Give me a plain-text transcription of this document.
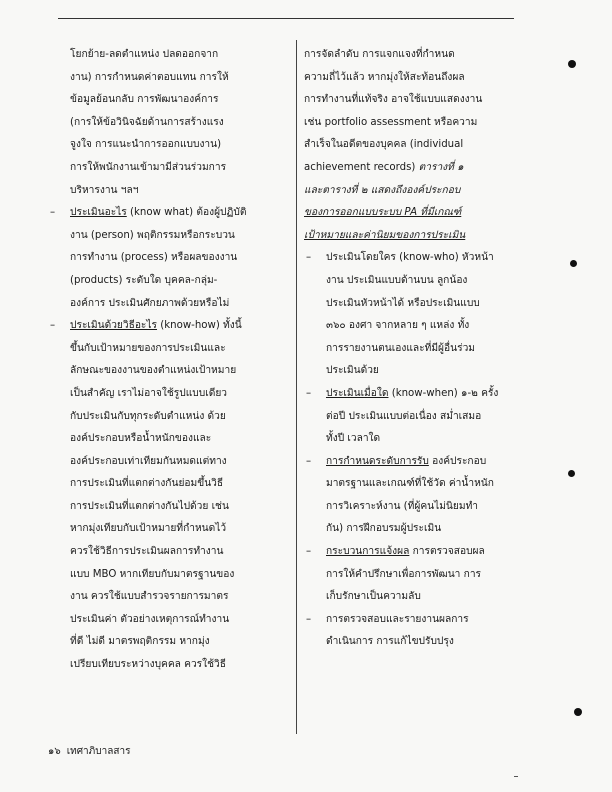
โยกย้าย-ลดตำแหน่ง ปลดออกจาก
งาน) การกำหนดค่าตอบแทน การให้
ข้อมูลย้อนกลับ การพัฒนาองค์การ
(การให้ข้อวินิจฉัยด้านการสร้างแรง
จูงใจ การแนะนำการออกแบบงาน)
การให้พนักงานเข้ามามีส่วนร่วมการ
บริหารงาน ฯลฯ
– ประเมินอะไร (know what) ต้องผู้ปฏิบัติ
งาน (person) พฤติกรรมหรือกระบวน
การทำงาน (process) หรือผลของงาน
(products) ระดับใด บุคคล-กลุ่ม-
องค์การ ประเมินศักยภาพด้วยหรือไม่
– ประเมินด้วยวิธีอะไร (know-how) ทั้งนี้
ขึ้นกับเป้าหมายของการประเมินและ
ลักษณะของงานของตำแหน่งเป้าหมาย
เป็นสำคัญ เราไม่อาจใช้รูปแบบเดียว
กับประเมินกับทุกระดับตำแหน่ง ด้วย
องค์ประกอบหรือน้ำหนักของและ
องค์ประกอบเท่าเทียมกันหมดแต่ทาง
การประเมินที่แตกต่างกันย่อมขึ้นวิธี
การประเมินที่แตกต่างกันไปด้วย เช่น
หากมุ่งเทียบกับเป้าหมายที่กำหนดไว้
ควรใช้วิธีการประเมินผลการทำงาน
แบบ MBO หากเทียบกับมาตรฐานของ
งาน ควรใช้แบบสำรวจรายการมาตร
ประเมินค่า ตัวอย่างเหตุการณ์ทำงาน
ที่ดี ไม่ดี มาตรพฤติกรรม หากมุ่ง
เปรียบเทียบระหว่างบุคคล ควรใช้วิธี
การจัดลำดับ การแจกแจงที่กำหนด
ความถี่ไว้แล้ว หากมุ่งให้สะท้อนถึงผล
การทำงานที่แท้จริง อาจใช้แบบแสดงงาน
เช่น portfolio assessment หรือความ
สำเร็จในอดีตของบุคคล (individual
achievement records) ตารางที่ ๑
และตารางที่ ๒ แสดงถึงองค์ประกอบ
ของการออกแบบระบบ PA ที่มีเกณฑ์
เป้าหมายและค่านิยมของการประเมิน
– ประเมินโดยใคร (know-who) หัวหน้า
งาน ประเมินแบบด้านบน ลูกน้อง
ประเมินหัวหน้าได้ หรือประเมินแบบ
๓๖๐ องศา จากหลาย ๆ แหล่ง ทั้ง
การรายงานตนเองและที่มีผู้อื่นร่วม
ประเมินด้วย
– ประเมินเมื่อใด (know-when) ๑-๒ ครั้ง
ต่อปี ประเมินแบบต่อเนื่อง สม่ำเสมอ
ทั้งปี เวลาใด
– การกำหนดระดับการรับ องค์ประกอบ
มาตรฐานและเกณฑ์ที่ใช้วัด ค่าน้ำหนัก
การวิเคราะห์งาน (ที่ผู้คนไม่นิยมทำ
กัน) การฝึกอบรมผู้ประเมิน
– กระบวนการแจ้งผล การตรวจสอบผล
การให้คำปรึกษาเพื่อการพัฒนา การ
เก็บรักษาเป็นความลับ
– การตรวจสอบและรายงานผลการ
ดำเนินการ การแก้ไขปรับปรุง
๑๖ เทศาภิบาลสาร
